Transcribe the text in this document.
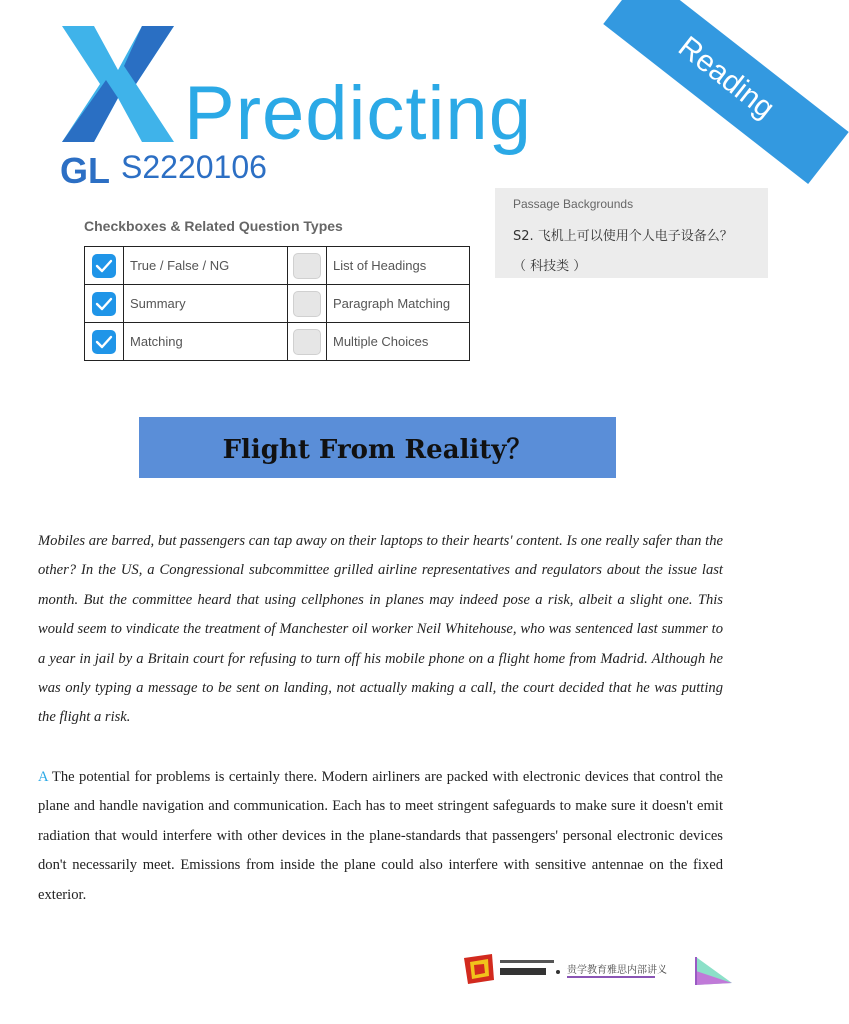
Predicting
GL S2220106
Reading
Checkboxes & Related Question Types
	True / False / NG		List of Headings

	Summary		Paragraph Matching

	Matching		Multiple Choices
Passage Backgrounds
S2. 飞机上可以使用个人电子设备么？
（ 科技类 ）
Flight From Reality？

Mobiles are barred, but passengers can tap away on their laptops to their hearts' content. Is one really safer than the other? In the US, a Congressional subcommittee grilled airline representatives and regulators about the issue last month. But the committee heard that using cellphones in planes may indeed pose a risk, albeit a slight one. This would seem to vindicate the treatment of Manchester oil worker Neil Whitehouse, who was sentenced last summer to a year in jail by a Britain court for refusing to turn off his mobile phone on a flight home from Madrid. Although he was only typing a message to be sent on landing, not actually making a call, the court decided that he was putting the flight a risk.

A The potential for problems is certainly there. Modern airliners are packed with electronic devices that control the plane and handle navigation and communication. Each has to meet stringent safeguards to make sure it doesn't emit radiation that would interfere with other devices in the plane-standards that passengers' personal electronic devices don't necessarily meet. Emissions from inside the plane could also interfere with sensitive antennae on the fixed exterior.

贵学教育雅思内部讲义
